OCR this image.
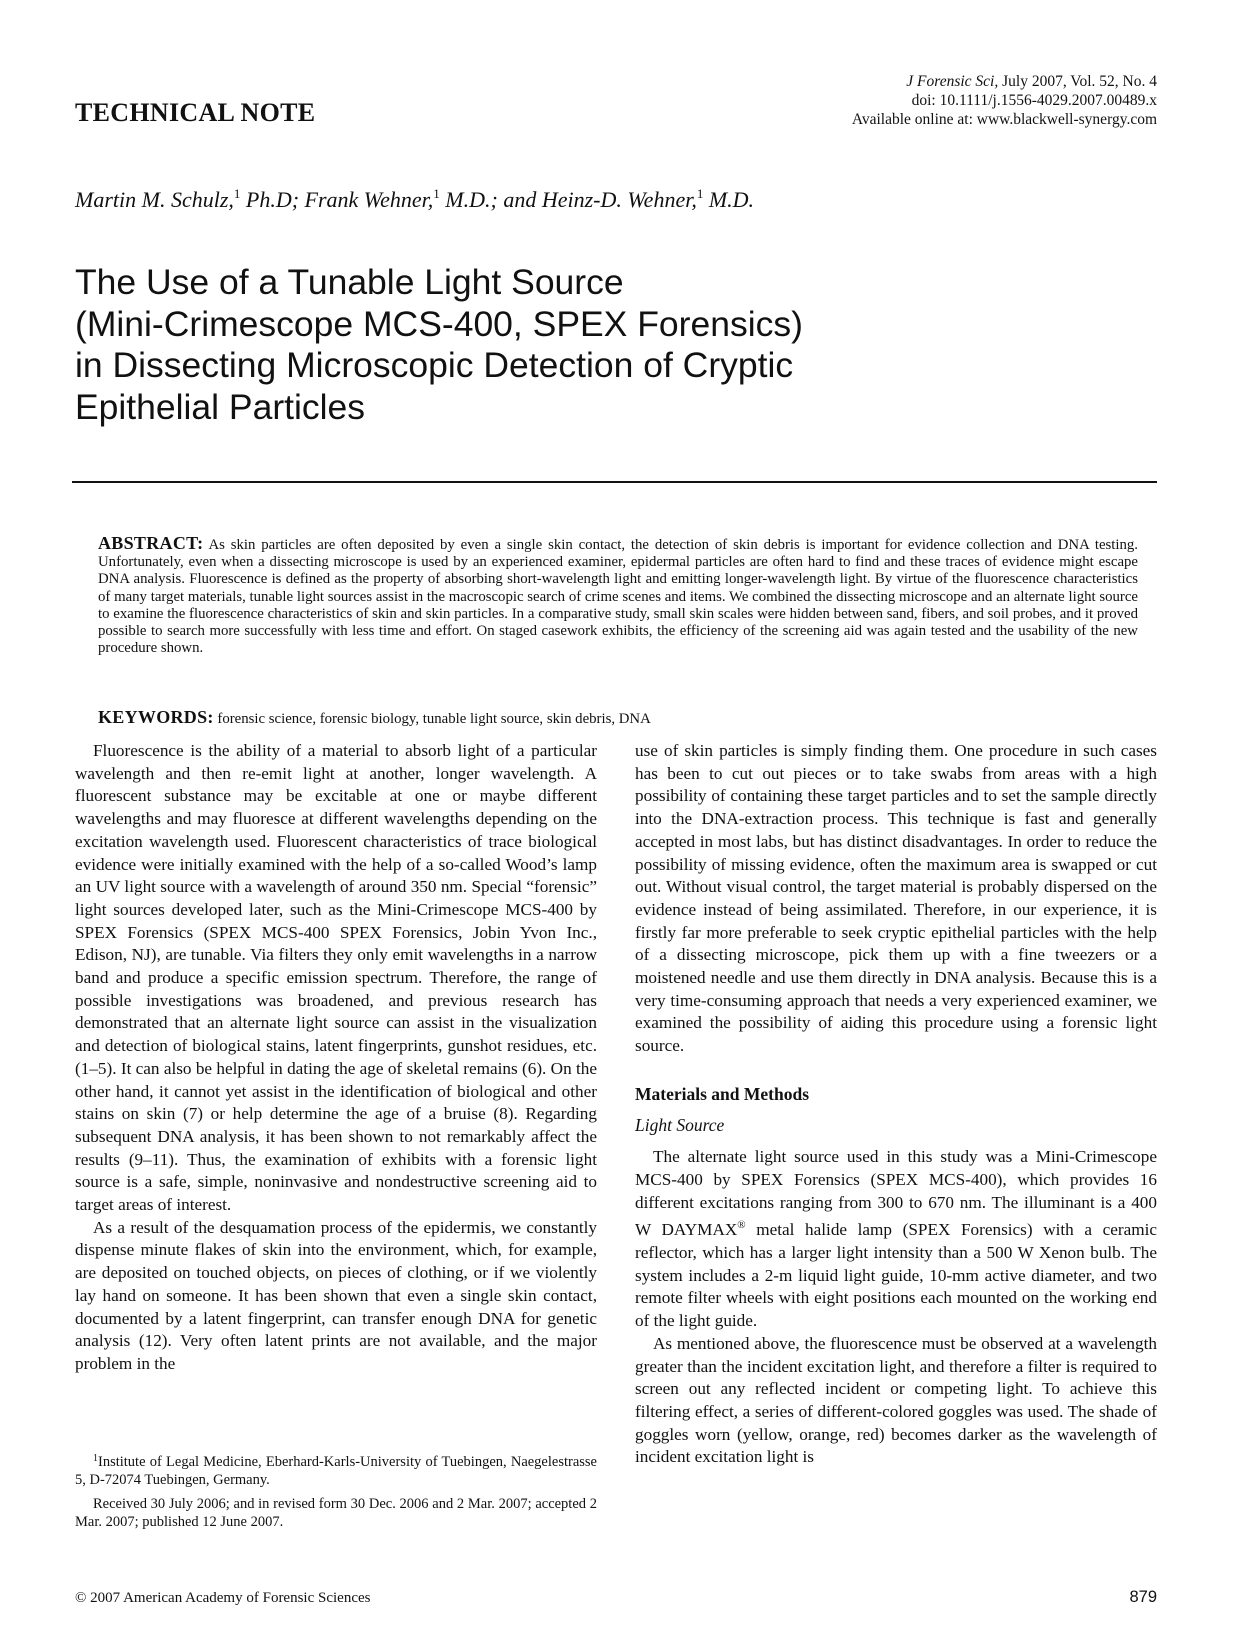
TECHNICAL NOTE
J Forensic Sci, July 2007, Vol. 52, No. 4
doi: 10.1111/j.1556-4029.2007.00489.x
Available online at: www.blackwell-synergy.com
Martin M. Schulz,$^1$ Ph.D; Frank Wehner,$^1$ M.D.; and Heinz-D. Wehner,$^1$ M.D.
The Use of a Tunable Light Source
(Mini-Crimescope MCS-400, SPEX Forensics)
in Dissecting Microscopic Detection of Cryptic
Epithelial Particles
ABSTRACT: As skin particles are often deposited by even a single skin contact, the detection of skin debris is important for evidence collection and DNA testing. Unfortunately, even when a dissecting microscope is used by an experienced examiner, epidermal particles are often hard to find and these traces of evidence might escape DNA analysis. Fluorescence is defined as the property of absorbing short-wavelength light and emitting longer-wavelength light. By virtue of the fluorescence characteristics of many target materials, tunable light sources assist in the macroscopic search of crime scenes and items. We combined the dissecting microscope and an alternate light source to examine the fluorescence characteristics of skin and skin particles. In a comparative study, small skin scales were hidden between sand, fibers, and soil probes, and it proved possible to search more successfully with less time and effort. On staged casework exhibits, the efficiency of the screening aid was again tested and the usability of the new procedure shown.
KEYWORDS: forensic science, forensic biology, tunable light source, skin debris, DNA

Fluorescence is the ability of a material to absorb light of a particular wavelength and then re-emit light at another, longer wavelength. A fluorescent substance may be excitable at one or maybe different wavelengths and may fluoresce at different wavelengths depending on the excitation wavelength used. Fluorescent characteristics of trace biological evidence were initially examined with the help of a so-called Wood’s lamp an UV light source with a wavelength of around 350 nm. Special “forensic” light sources developed later, such as the Mini-Crimescope MCS-400 by SPEX Forensics (SPEX MCS-400 SPEX Forensics, Jobin Yvon Inc., Edison, NJ), are tunable. Via filters they only emit wavelengths in a narrow band and produce a specific emission spectrum. Therefore, the range of possible investigations was broadened, and previous research has demonstrated that an alternate light source can assist in the visualization and detection of biological stains, latent fingerprints, gunshot residues, etc. (1–5). It can also be helpful in dating the age of skeletal remains (6). On the other hand, it cannot yet assist in the identification of biological and other stains on skin (7) or help determine the age of a bruise (8). Regarding subsequent DNA analysis, it has been shown to not remarkably affect the results (9–11). Thus, the examination of exhibits with a forensic light source is a safe, simple, noninvasive and nondestructive screening aid to target areas of interest.

As a result of the desquamation process of the epidermis, we constantly dispense minute flakes of skin into the environment, which, for example, are deposited on touched objects, on pieces of clothing, or if we violently lay hand on someone. It has been shown that even a single skin contact, documented by a latent fingerprint, can transfer enough DNA for genetic analysis (12). Very often latent prints are not available, and the major problem in the

use of skin particles is simply finding them. One procedure in such cases has been to cut out pieces or to take swabs from areas with a high possibility of containing these target particles and to set the sample directly into the DNA-extraction process. This technique is fast and generally accepted in most labs, but has distinct disadvantages. In order to reduce the possibility of missing evidence, often the maximum area is swapped or cut out. Without visual control, the target material is probably dispersed on the evidence instead of being assimilated. Therefore, in our experience, it is firstly far more preferable to seek cryptic epithelial particles with the help of a dissecting microscope, pick them up with a fine tweezers or a moistened needle and use them directly in DNA analysis. Because this is a very time-consuming approach that needs a very experienced examiner, we examined the possibility of aiding this procedure using a forensic light source.

Materials and Methods
Light Source

The alternate light source used in this study was a Mini-Crimescope MCS-400 by SPEX Forensics (SPEX MCS-400), which provides 16 different excitations ranging from 300 to 670 nm. The illuminant is a 400 W DAYMAX® metal halide lamp (SPEX Forensics) with a ceramic reflector, which has a larger light intensity than a 500 W Xenon bulb. The system includes a 2-m liquid light guide, 10-mm active diameter, and two remote filter wheels with eight positions each mounted on the working end of the light guide.

As mentioned above, the fluorescence must be observed at a wavelength greater than the incident excitation light, and therefore a filter is required to screen out any reflected incident or competing light. To achieve this filtering effect, a series of different-colored goggles was used. The shade of goggles worn (yellow, orange, red) becomes darker as the wavelength of incident excitation light is

$^1$Institute of Legal Medicine, Eberhard-Karls-University of Tuebingen, Naegelestrasse 5, D-72074 Tuebingen, Germany.

Received 30 July 2006; and in revised form 30 Dec. 2006 and 2 Mar. 2007; accepted 2 Mar. 2007; published 12 June 2007.

© 2007 American Academy of Forensic Sciences	879
